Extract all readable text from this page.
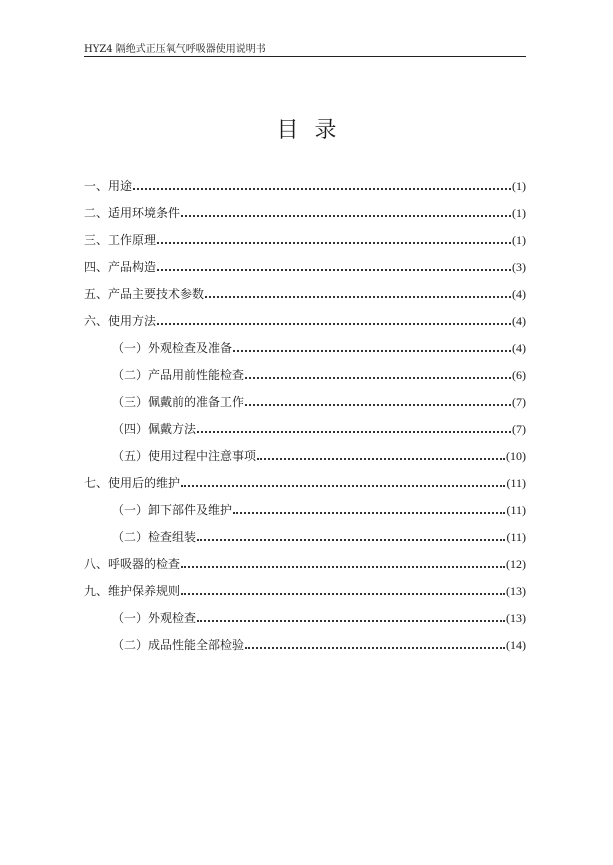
HYZ4 隔绝式正压氧气呼吸器使用说明书
目录
一、用途	(1)
二、适用环境条件	(1)
三、工作原理	(1)
四、产品构造	(3)
五、产品主要技术参数	(4)
六、使用方法	(4)
（一）外观检查及准备	(4)
（二）产品用前性能检查	(6)
（三）佩戴前的准备工作	(7)
（四）佩戴方法	(7)
（五）使用过程中注意事项	(10)
七、使用后的维护	(11)
（一）卸下部件及维护	(11)
（二）检查组装	(11)
八、呼吸器的检查	(12)
九、维护保养规则	(13)
（一）外观检查	(13)
（二）成品性能全部检验	(14)
